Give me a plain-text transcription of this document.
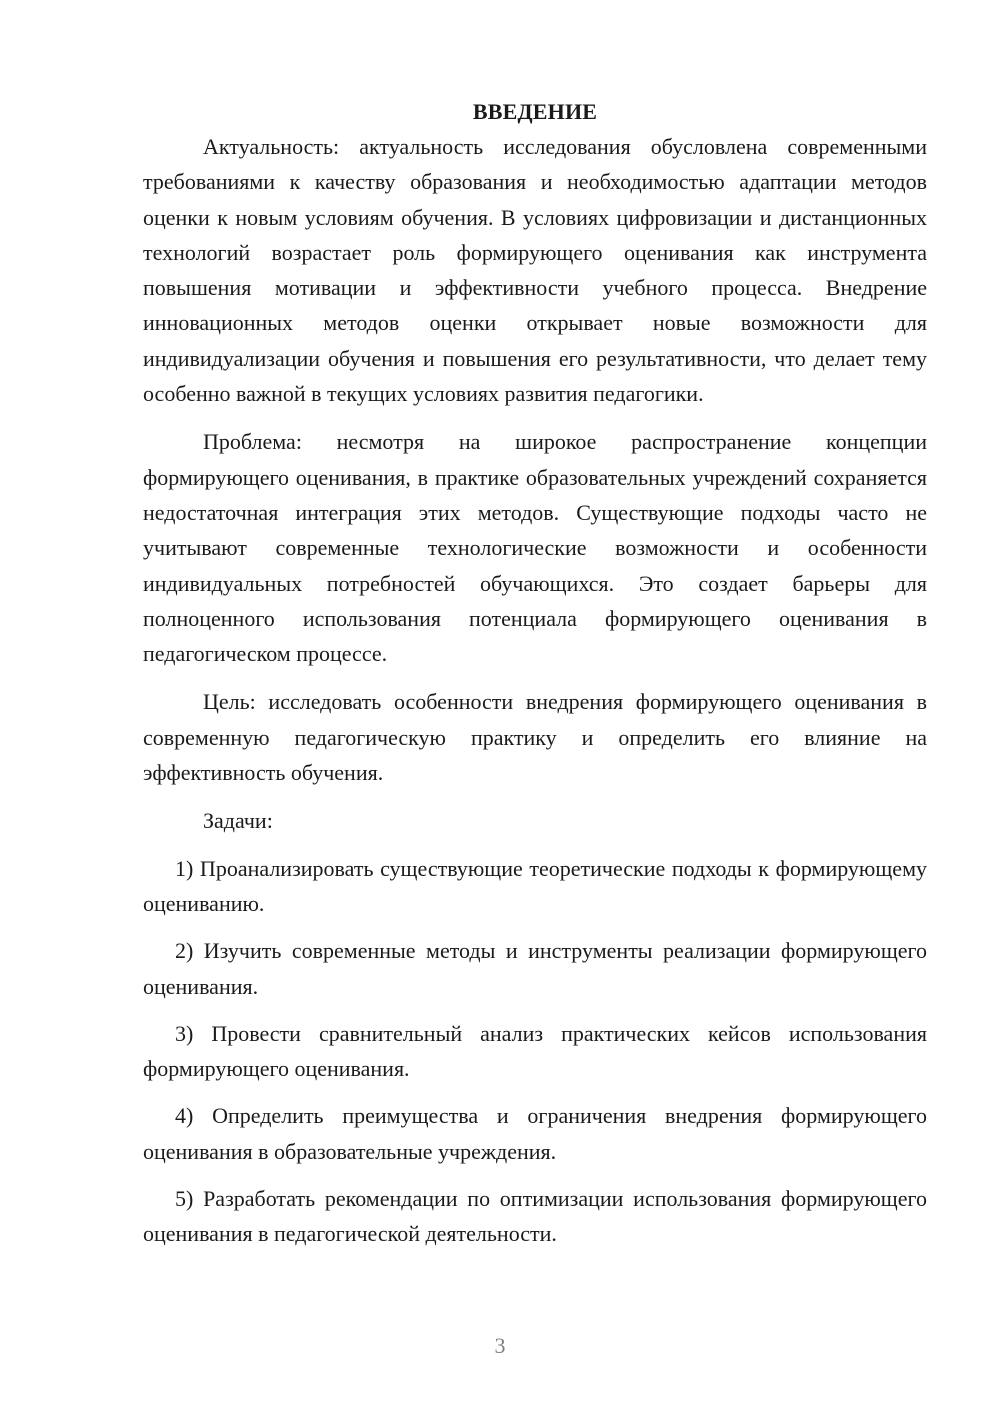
ВВЕДЕНИЕ

Актуальность: актуальность исследования обусловлена современными требованиями к качеству образования и необходимостью адаптации методов оценки к новым условиям обучения. В условиях цифровизации и дистанционных технологий возрастает роль формирующего оценивания как инструмента повышения мотивации и эффективности учебного процесса. Внедрение инновационных методов оценки открывает новые возможности для индивидуализации обучения и повышения его результативности, что делает тему особенно важной в текущих условиях развития педагогики.

Проблема: несмотря на широкое распространение концепции формирующего оценивания, в практике образовательных учреждений сохраняется недостаточная интеграция этих методов. Существующие подходы часто не учитывают современные технологические возможности и особенности индивидуальных потребностей обучающихся. Это создает барьеры для полноценного использования потенциала формирующего оценивания в педагогическом процессе.

Цель: исследовать особенности внедрения формирующего оценивания в современную педагогическую практику и определить его влияние на эффективность обучения.

Задачи:

1) Проанализировать существующие теоретические подходы к формирующему оцениванию.

2) Изучить современные методы и инструменты реализации формирующего оценивания.

3) Провести сравнительный анализ практических кейсов использования формирующего оценивания.

4) Определить преимущества и ограничения внедрения формирующего оценивания в образовательные учреждения.

5) Разработать рекомендации по оптимизации использования формирующего оценивания в педагогической деятельности.

3
